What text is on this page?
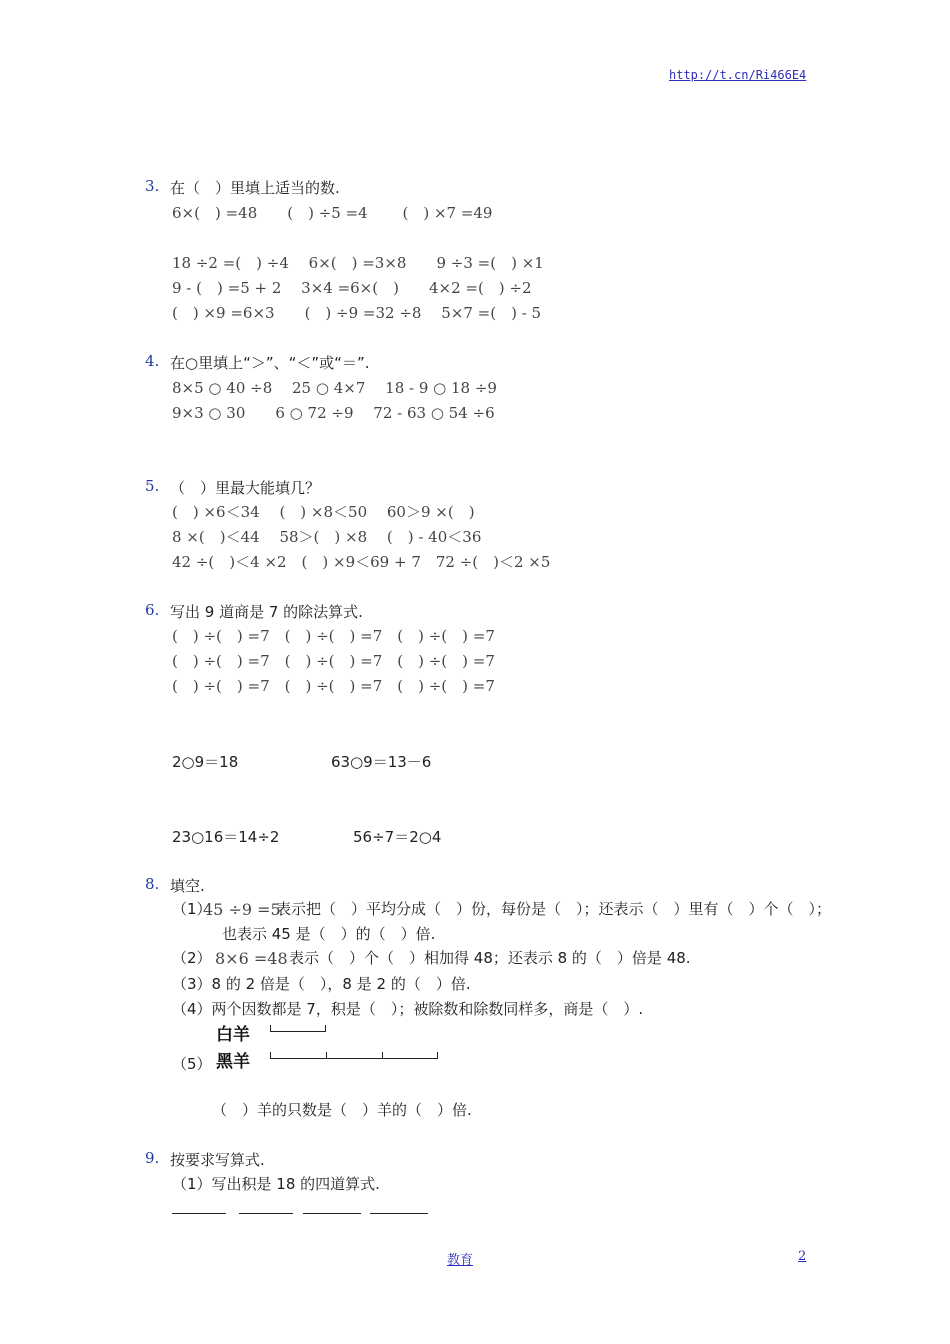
http://t.cn/Ri466E4
3. 在（　）里填上适当的数.
6×(　) =48　　(　) ÷5 =4　　 (　) ×7 =49
18 ÷2 =(　) ÷4　 6×(　) =3×8　　9 ÷3 =(　) ×1
9 - (　) =5 + 2　 3×4 =6×(　)　　4×2 =(　) ÷2
(　) ×9 =6×3　　(　) ÷9 =32 ÷8　 5×7 =(　) - 5
4. 在○里填上“＞”、“＜”或“＝”.
8×5 ○ 40 ÷8　 25 ○ 4×7　 18 - 9 ○ 18 ÷9
9×3 ○ 30　　6 ○ 72 ÷9　 72 - 63 ○ 54 ÷6
5. （　）里最大能填几？
(　) ×6＜34　 (　) ×8＜50　 60＞9 ×(　)
8 ×(　)＜44　 58＞(　) ×8　 (　) - 40＜36
42 ÷(　)＜4 ×2　(　) ×9＜69 + 7　72 ÷(　)＜2 ×5
6. 写出 9 道商是 7 的除法算式.
(　) ÷(　) =7　(　) ÷(　) =7　(　) ÷(　) =7
(　) ÷(　) =7　(　) ÷(　) =7　(　) ÷(　) =7
(　) ÷(　) =7　(　) ÷(　) =7　(　) ÷(　) =7
2○9＝18	63○9＝13－6
23○16＝14÷2	56÷7＝2○4
8. 填空.
（1）
45 ÷9 =5
表示把（　）平均分成（　）份，每份是（　）；还表示（　）里有（　）个（　）；
也表示 45 是（　）的（　）倍.
（2） 8×6 =48 表示（　）个（　）相加得 48；还表示 8 的（　）倍是 48.
（3）8 的 2 倍是（　），8 是 2 的（　）倍.
（4）两个因数都是 7，积是（　）；被除数和除数同样多，商是（　）.
白羊
（5） 黑羊
（　）羊的只数是（　）羊的（　）倍.
9. 按要求写算式.
（1）写出积是 18 的四道算式.
教育	2
